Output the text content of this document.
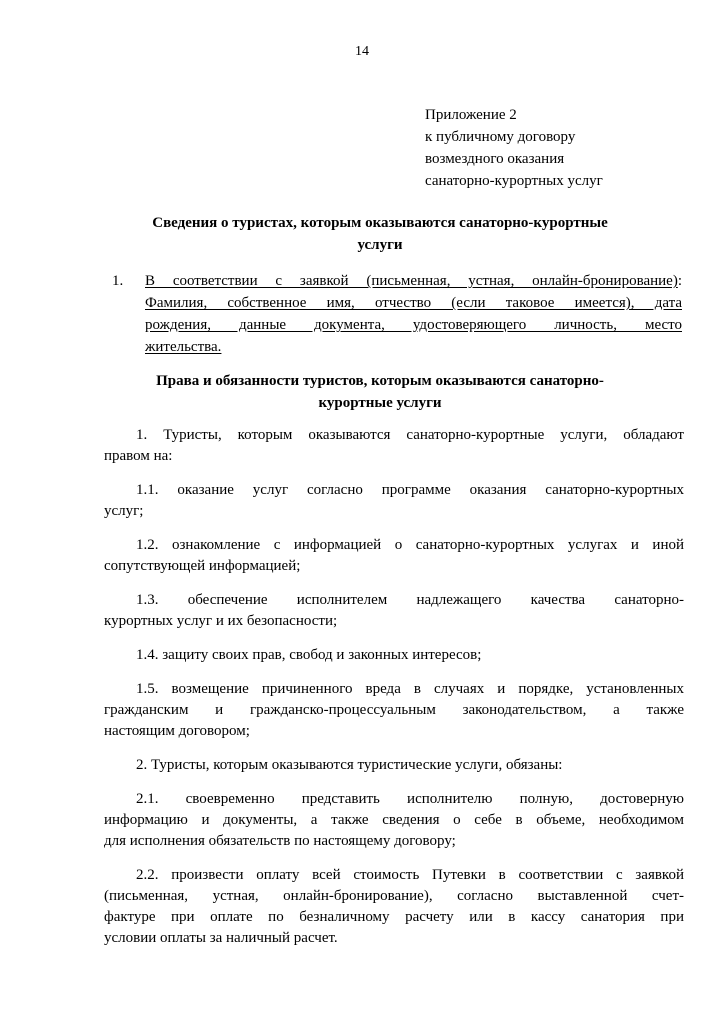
14
Приложение 2
к публичному договору
возмездного оказания
санаторно-курортных услуг
Сведения о туристах, которым оказываются санаторно-курортные
услуги
1. В соответствии с заявкой (письменная, устная, онлайн-бронирование):
Фамилия, собственное имя, отчество (если таковое имеется), дата
рождения, данные документа, удостоверяющего личность, место
жительства.
Права и обязанности туристов, которым оказываются санаторно-
курортные услуги
1. Туристы, которым оказываются санаторно-курортные услуги, обладают
правом на:
1.1. оказание услуг согласно программе оказания санаторно-курортных
услуг;
1.2. ознакомление с информацией о санаторно-курортных услугах и иной
сопутствующей информацией;
1.3. обеспечение исполнителем надлежащего качества санаторно-
курортных услуг и их безопасности;
1.4. защиту своих прав, свобод и законных интересов;
1.5. возмещение причиненного вреда в случаях и порядке, установленных
гражданским и гражданско-процессуальным законодательством, а также
настоящим договором;
2. Туристы, которым оказываются туристические услуги, обязаны:
2.1. своевременно представить исполнителю полную, достоверную
информацию и документы, а также сведения о себе в объеме, необходимом
для исполнения обязательств по настоящему договору;
2.2. произвести оплату всей стоимость Путевки в соответствии с заявкой
(письменная, устная, онлайн-бронирование), согласно выставленной счет-
фактуре при оплате по безналичному расчету или в кассу санатория при
условии оплаты за наличный расчет.
